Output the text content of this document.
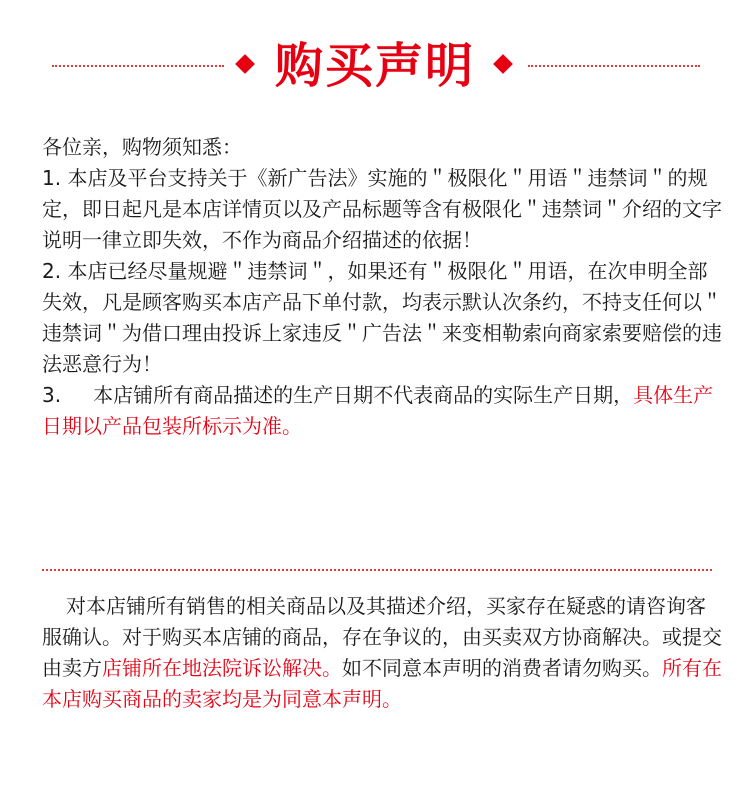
购买声明

各位亲，购物须知悉：

1. 本店及平台支持关于《新广告法》实施的＂极限化＂用语＂违禁词＂的规定，即日起凡是本店详情页以及产品标题等含有极限化＂违禁词＂介绍的文字说明一律立即失效，不作为商品介绍描述的依据！

2. 本店已经尽量规避＂违禁词＂，如果还有＂极限化＂用语，在次申明全部失效，凡是顾客购买本店产品下单付款，均表示默认次条约，不持支任何以＂违禁词＂为借口理由投诉上家违反＂广告法＂来变相勒索向商家索要赔偿的违法恶意行为！

3. 本店铺所有商品描述的生产日期不代表商品的实际生产日期，具体生产日期以产品包装所标示为准。

对本店铺所有销售的相关商品以及其描述介绍，买家存在疑惑的请咨询客服确认。对于购买本店铺的商品，存在争议的，由买卖双方协商解决。或提交由卖方店铺所在地法院诉讼解决。如不同意本声明的消费者请勿购买。所有在本店购买商品的卖家均是为同意本声明。
